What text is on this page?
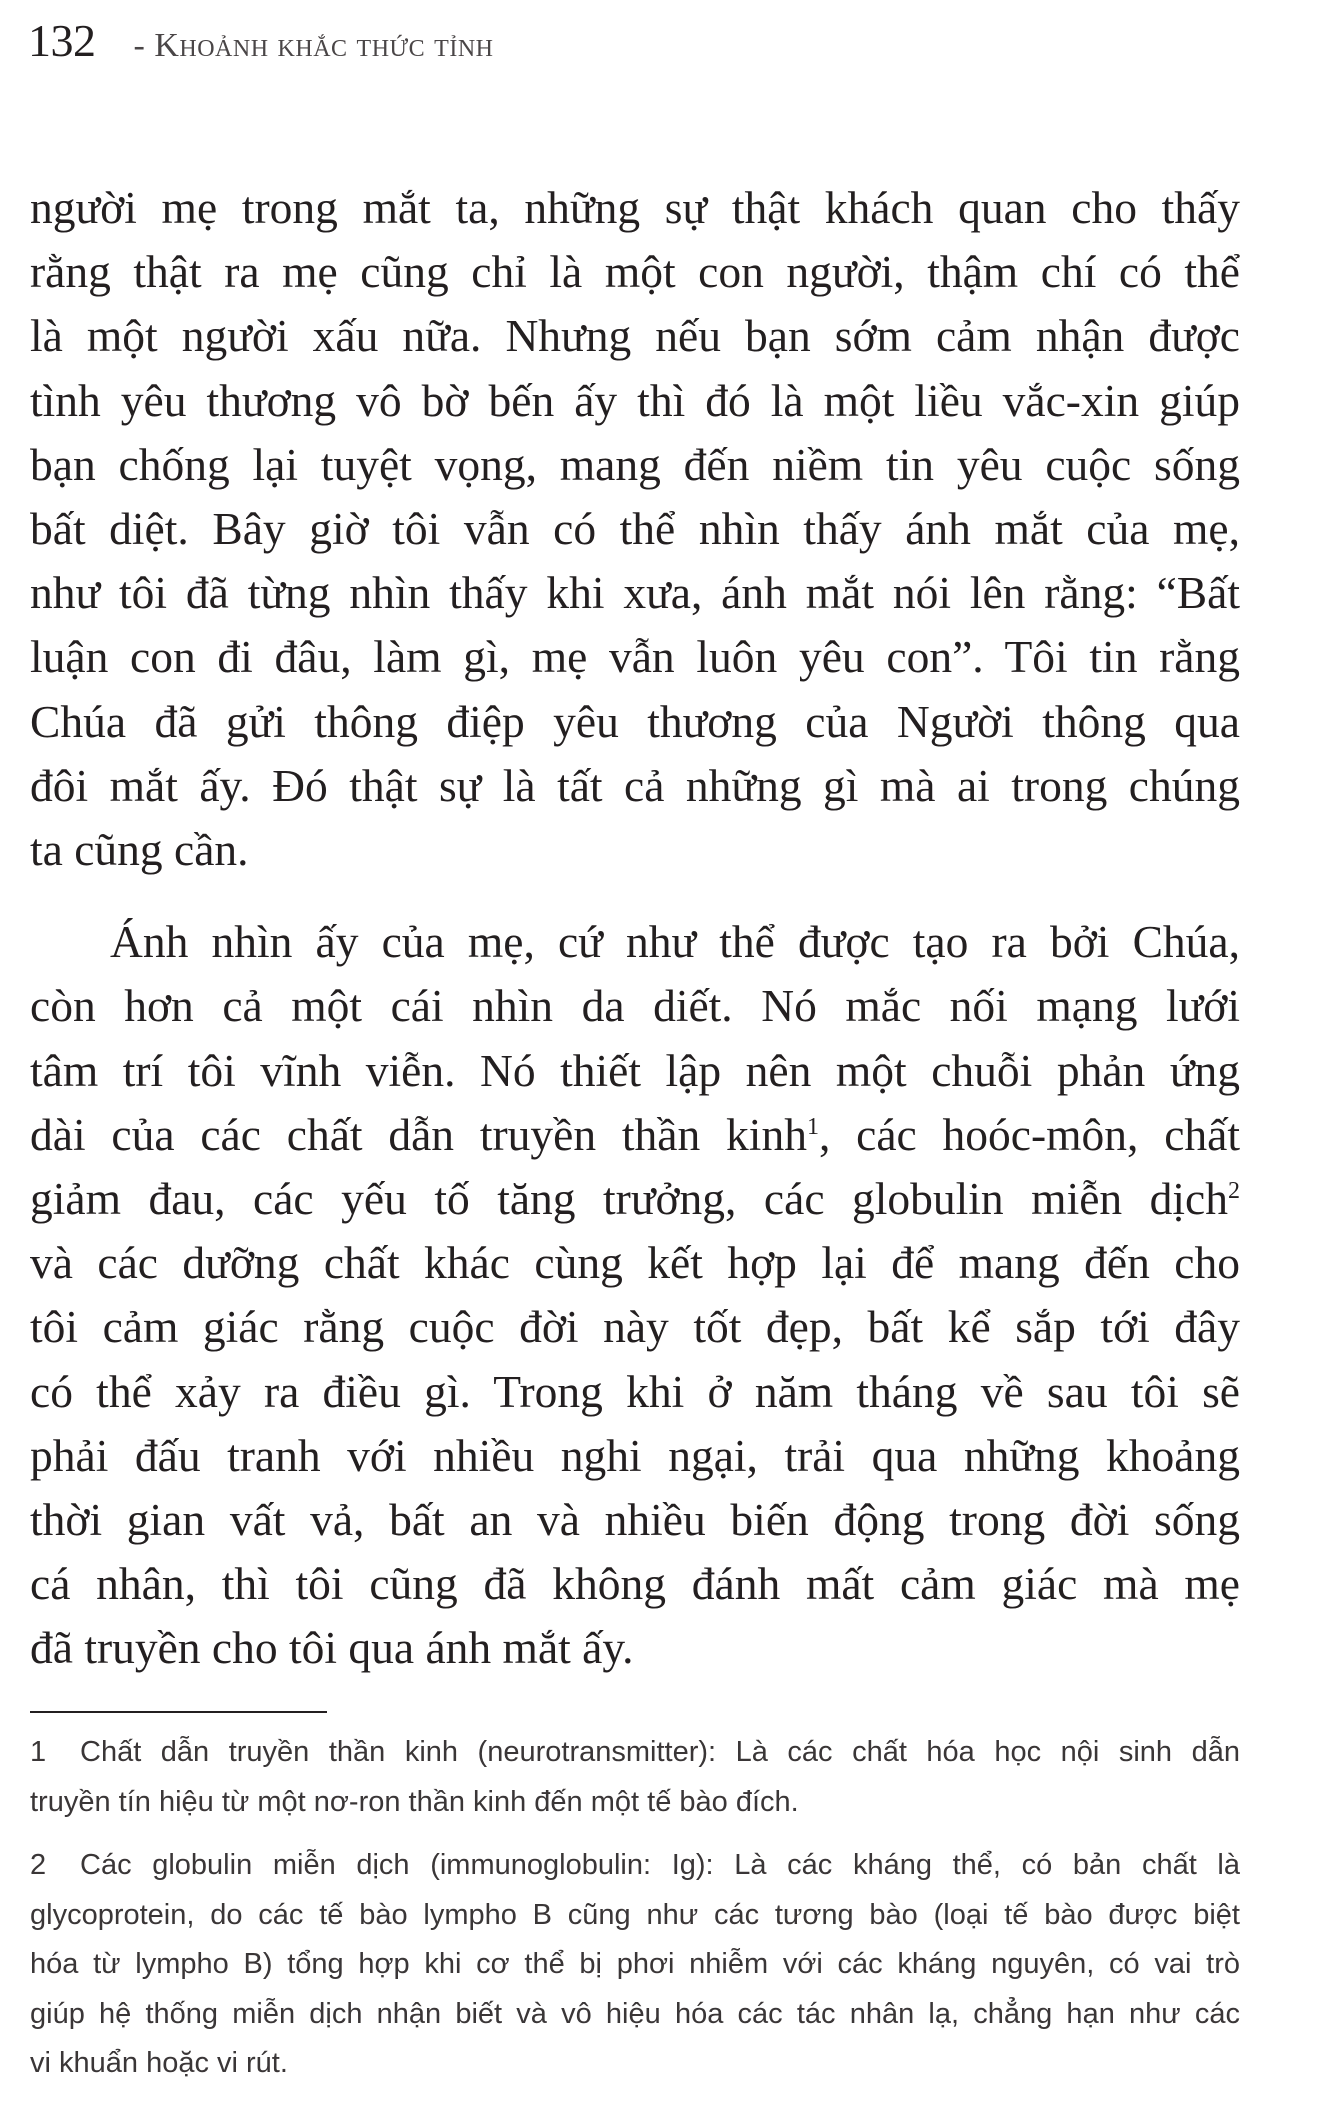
132 - Khoảnh khắc thức tỉnh

người mẹ trong mắt ta, những sự thật khách quan cho thấy
rằng thật ra mẹ cũng chỉ là một con người, thậm chí có thể
là một người xấu nữa. Nhưng nếu bạn sớm cảm nhận được
tình yêu thương vô bờ bến ấy thì đó là một liều vắc-xin giúp
bạn chống lại tuyệt vọng, mang đến niềm tin yêu cuộc sống
bất diệt. Bây giờ tôi vẫn có thể nhìn thấy ánh mắt của mẹ,
như tôi đã từng nhìn thấy khi xưa, ánh mắt nói lên rằng: “Bất
luận con đi đâu, làm gì, mẹ vẫn luôn yêu con”. Tôi tin rằng
Chúa đã gửi thông điệp yêu thương của Người thông qua
đôi mắt ấy. Đó thật sự là tất cả những gì mà ai trong chúng
ta cũng cần.

Ánh nhìn ấy của mẹ, cứ như thể được tạo ra bởi Chúa,
còn hơn cả một cái nhìn da diết. Nó mắc nối mạng lưới
tâm trí tôi vĩnh viễn. Nó thiết lập nên một chuỗi phản ứng
dài của các chất dẫn truyền thần kinh$^1$, các hoóc-môn, chất
giảm đau, các yếu tố tăng trưởng, các globulin miễn dịch$^2$
và các dưỡng chất khác cùng kết hợp lại để mang đến cho
tôi cảm giác rằng cuộc đời này tốt đẹp, bất kể sắp tới đây
có thể xảy ra điều gì. Trong khi ở năm tháng về sau tôi sẽ
phải đấu tranh với nhiều nghi ngại, trải qua những khoảng
thời gian vất vả, bất an và nhiều biến động trong đời sống
cá nhân, thì tôi cũng đã không đánh mất cảm giác mà mẹ
đã truyền cho tôi qua ánh mắt ấy.

1 Chất dẫn truyền thần kinh (neurotransmitter): Là các chất hóa học nội sinh dẫn
truyền tín hiệu từ một nơ-ron thần kinh đến một tế bào đích.

2 Các globulin miễn dịch (immunoglobulin: Ig): Là các kháng thể, có bản chất là
glycoprotein, do các tế bào lympho B cũng như các tương bào (loại tế bào được biệt
hóa từ lympho B) tổng hợp khi cơ thể bị phơi nhiễm với các kháng nguyên, có vai trò
giúp hệ thống miễn dịch nhận biết và vô hiệu hóa các tác nhân lạ, chẳng hạn như các
vi khuẩn hoặc vi rút.
